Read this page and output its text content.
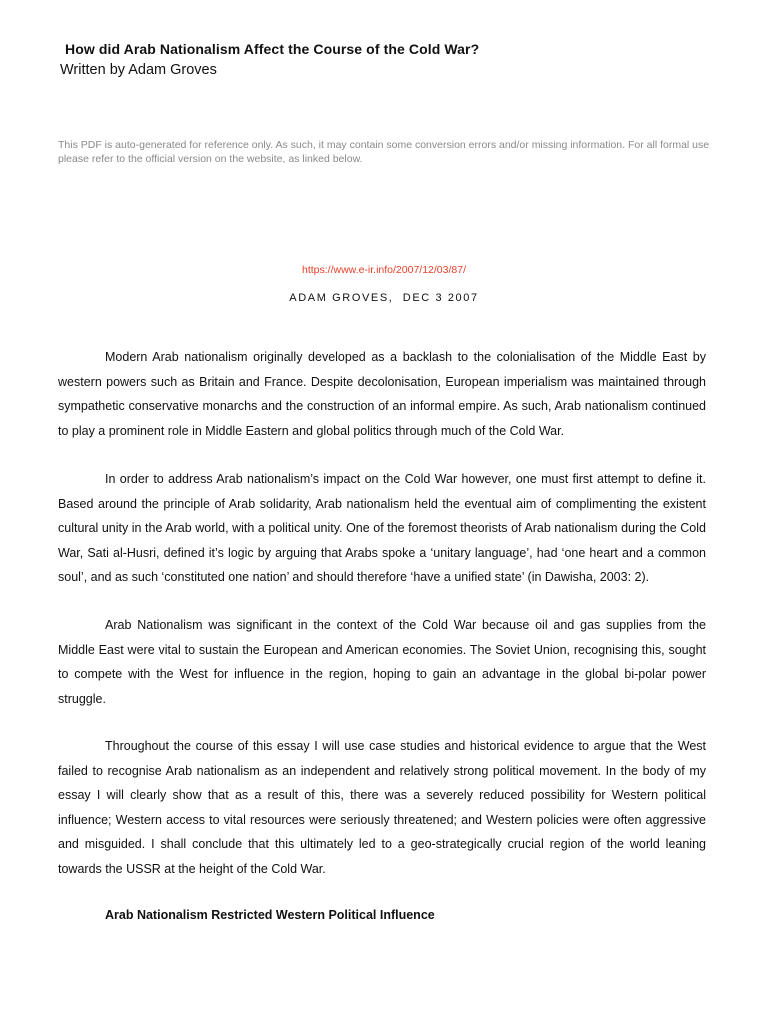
How did Arab Nationalism Affect the Course of the Cold War?
Written by Adam Groves
This PDF is auto-generated for reference only. As such, it may contain some conversion errors and/or missing information. For all formal use please refer to the official version on the website, as linked below.
https://www.e-ir.info/2007/12/03/87/
ADAM GROVES,  DEC 3 2007

Modern Arab nationalism originally developed as a backlash to the colonialisation of the Middle East by western powers such as Britain and France. Despite decolonisation, European imperialism was maintained through sympathetic conservative monarchs and the construction of an informal empire. As such, Arab nationalism continued to play a prominent role in Middle Eastern and global politics through much of the Cold War.

In order to address Arab nationalism’s impact on the Cold War however, one must first attempt to define it. Based around the principle of Arab solidarity, Arab nationalism held the eventual aim of complimenting the existent cultural unity in the Arab world, with a political unity. One of the foremost theorists of Arab nationalism during the Cold War, Sati al-Husri, defined it’s logic by arguing that Arabs spoke a ‘unitary language’, had ‘one heart and a common soul’, and as such ‘constituted one nation’ and should therefore ‘have a unified state’ (in Dawisha, 2003: 2).

Arab Nationalism was significant in the context of the Cold War because oil and gas supplies from the Middle East were vital to sustain the European and American economies. The Soviet Union, recognising this, sought to compete with the West for influence in the region, hoping to gain an advantage in the global bi-polar power struggle.

Throughout the course of this essay I will use case studies and historical evidence to argue that the West failed to recognise Arab nationalism as an independent and relatively strong political movement. In the body of my essay I will clearly show that as a result of this, there was a severely reduced possibility for Western political influence; Western access to vital resources were seriously threatened; and Western policies were often aggressive and misguided. I shall conclude that this ultimately led to a geo-strategically crucial region of the world leaning towards the USSR at the height of the Cold War.

Arab Nationalism Restricted Western Political Influence
